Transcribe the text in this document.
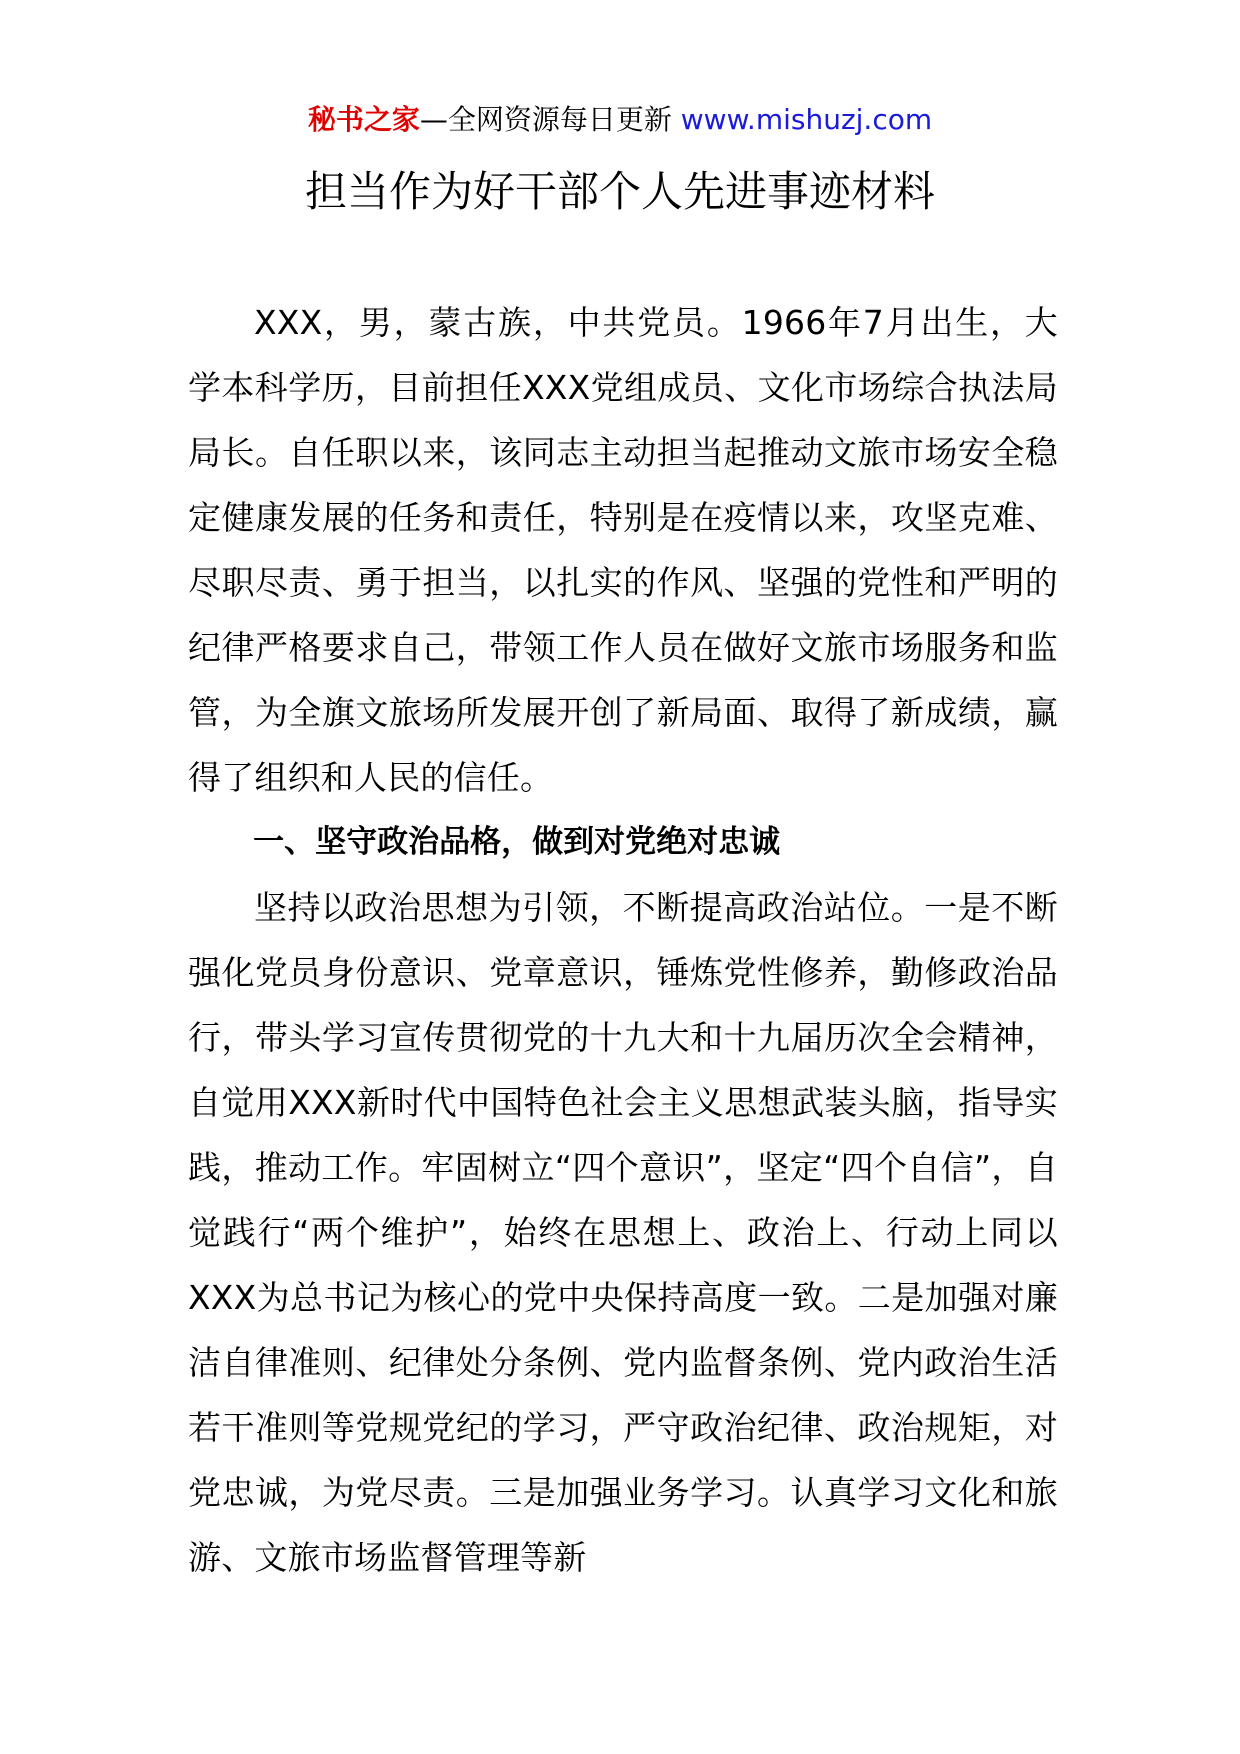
秘书之家—全网资源每日更新 www.mishuzj.com
担当作为好干部个人先进事迹材料

XXX，男，蒙古族，中共党员。1966年7月出生，大学本科学历，目前担任XXX党组成员、文化市场综合执法局局长。自任职以来，该同志主动担当起推动文旅市场安全稳定健康发展的任务和责任，特别是在疫情以来，攻坚克难、尽职尽责、勇于担当，以扎实的作风、坚强的党性和严明的纪律严格要求自己，带领工作人员在做好文旅市场服务和监管，为全旗文旅场所发展开创了新局面、取得了新成绩，赢得了组织和人民的信任。

一、坚守政治品格，做到对党绝对忠诚

坚持以政治思想为引领，不断提高政治站位。一是不断强化党员身份意识、党章意识，锤炼党性修养，勤修政治品行，带头学习宣传贯彻党的十九大和十九届历次全会精神，自觉用XXX新时代中国特色社会主义思想武装头脑，指导实践，推动工作。牢固树立“四个意识”，坚定“四个自信”，自觉践行“两个维护”，始终在思想上、政治上、行动上同以XXX为总书记为核心的党中央保持高度一致。二是加强对廉洁自律准则、纪律处分条例、党内监督条例、党内政治生活若干准则等党规党纪的学习，严守政治纪律、政治规矩，对党忠诚，为党尽责。三是加强业务学习。认真学习文化和旅游、文旅市场监督管理等新
